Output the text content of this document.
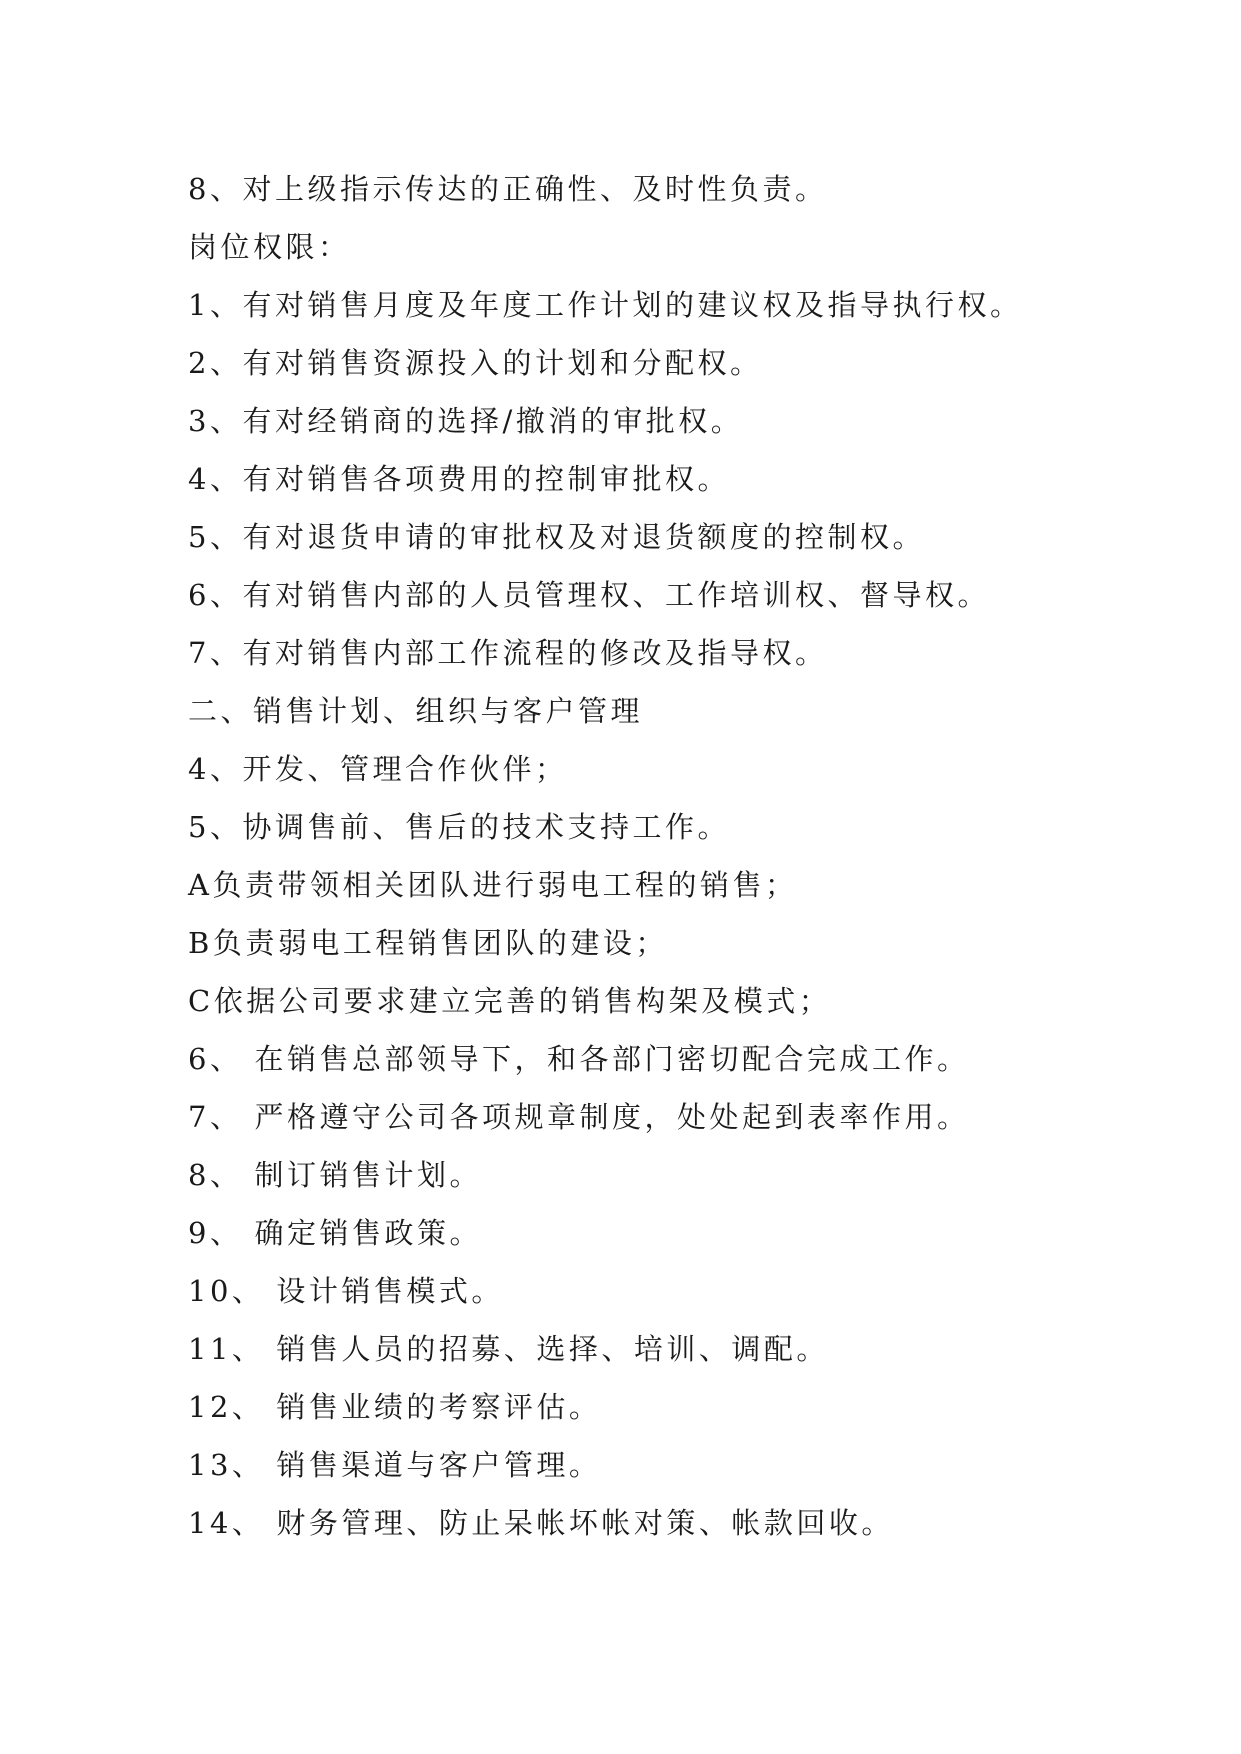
8、对上级指示传达的正确性、及时性负责。
岗位权限：
1、有对销售月度及年度工作计划的建议权及指导执行权。
2、有对销售资源投入的计划和分配权。
3、有对经销商的选择/撤消的审批权。
4、有对销售各项费用的控制审批权。
5、有对退货申请的审批权及对退货额度的控制权。
6、有对销售内部的人员管理权、工作培训权、督导权。
7、有对销售内部工作流程的修改及指导权。
二、销售计划、组织与客户管理
4、开发、管理合作伙伴；
5、协调售前、售后的技术支持工作。
A负责带领相关团队进行弱电工程的销售；
B负责弱电工程销售团队的建设；
C依据公司要求建立完善的销售构架及模式；
6、 在销售总部领导下，和各部门密切配合完成工作。
7、 严格遵守公司各项规章制度，处处起到表率作用。
8、 制订销售计划。
9、 确定销售政策。
10、 设计销售模式。
11、 销售人员的招募、选择、培训、调配。
12、 销售业绩的考察评估。
13、 销售渠道与客户管理。
14、 财务管理、防止呆帐坏帐对策、帐款回收。
